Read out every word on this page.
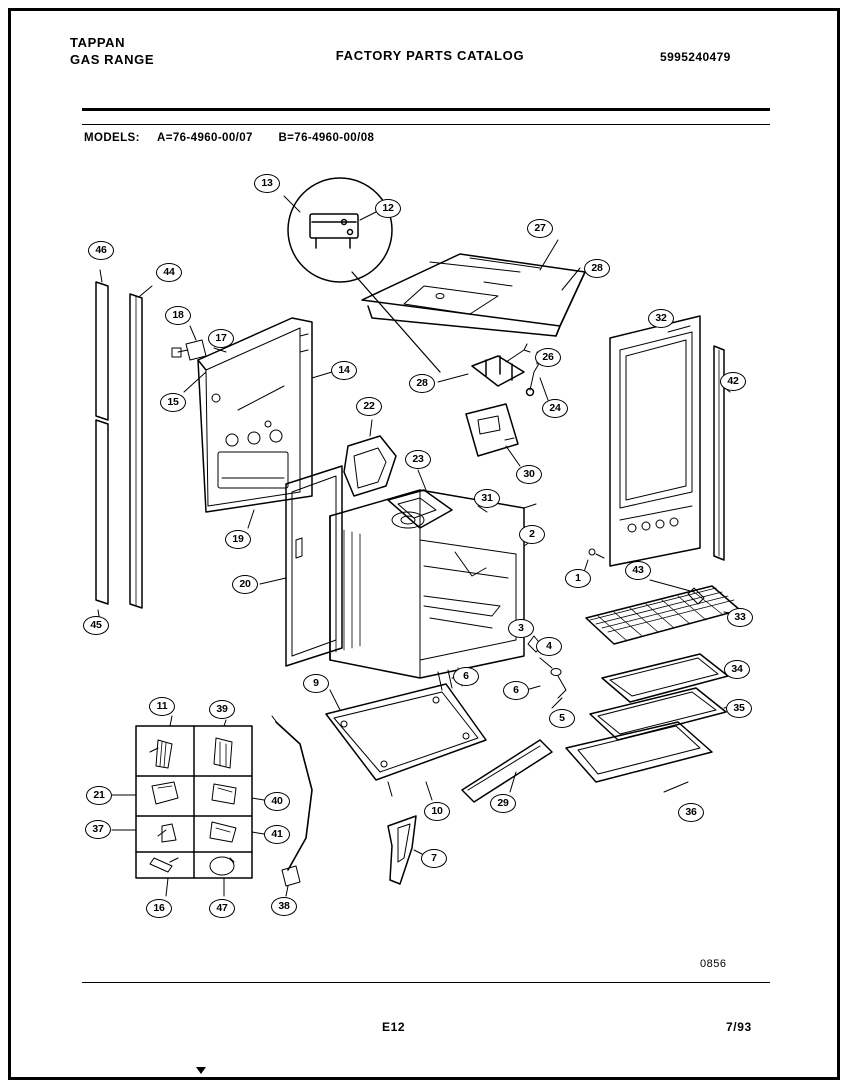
1
2
3
4
5
6
6
7
9
10
11
12
13
14
15
16
17
18
19
20
21
22
23
24
26
27
28
28
29
30
31
32
33
34
35
36
37
38
39
40
41
42
43
44
45
46
47
TAPPAN
GAS RANGE	FACTORY PARTS CATALOG	5995240479
MODELS: A=76-4960-00/07 B=76-4960-00/08
0856
E12	7/93
